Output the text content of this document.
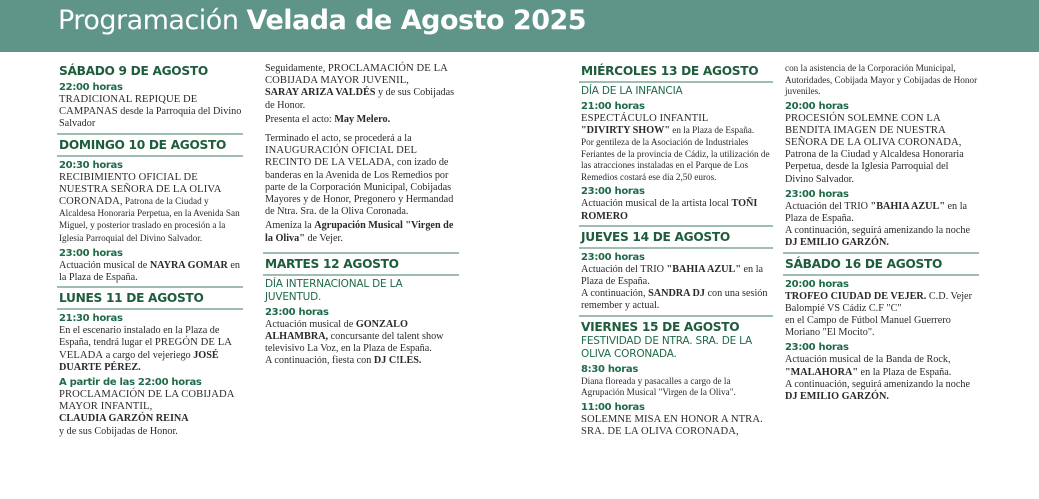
Programación Velada de Agosto 2025
SÁBADO 9 DE AGOSTO
22:00 horas
TRADICIONAL REPIQUE DE CAMPANAS desde la Parroquia del Divino Salvador
DOMINGO 10 DE AGOSTO
20:30 horas
RECIBIMIENTO OFICIAL DE NUESTRA SEÑORA DE LA OLIVA CORONADA, Patrona de la Ciudad y Alcaldesa Honoraria Perpetua, en la Avenida San Miguel, y posterior traslado en procesión a la Iglesia Parroquial del Divino Salvador.
23:00 horas
Actuación musical de NAYRA GOMAR en la Plaza de España.
LUNES 11 DE AGOSTO
21:30 horas
En el escenario instalado en la Plaza de España, tendrá lugar el PREGÓN DE LA VELADA a cargo del vejeriego JOSÉ DUARTE PÉREZ.
A partir de las 22:00 horas
PROCLAMACIÓN DE LA COBIJADA MAYOR INFANTIL,
CLAUDIA GARZÓN REINA
y de sus Cobijadas de Honor.
Seguidamente, PROCLAMACIÓN DE LA COBIJADA MAYOR JUVENIL,
SARAY ARIZA VALDÉS y de sus Cobijadas de Honor.
Presenta el acto: May Melero.
Terminado el acto, se procederá a la INAUGURACIÓN OFICIAL DEL RECINTO DE LA VELADA, con izado de banderas en la Avenida de Los Remedios por parte de la Corporación Municipal, Cobijadas Mayores y de Honor, Pregonero y Hermandad de Ntra. Sra. de la Oliva Coronada.
Ameniza la Agrupación Musical "Virgen de la Oliva" de Vejer.
MARTES 12 AGOSTO
DÍA INTERNACIONAL DE LA JUVENTUD.
23:00 horas
Actuación musical de GONZALO ALHAMBRA, concursante del talent show televisivo La Voz, en la Plaza de España.
A continuación, fiesta con DJ C!LES.
MIÉRCOLES 13 DE AGOSTO
DÍA DE LA INFANCIA
21:00 horas
ESPECTÁCULO INFANTIL
"DIVIRTY SHOW" en la Plaza de España.
Por gentileza de la Asociación de Industriales Feriantes de la provincia de Cádiz, la utilización de las atracciones instaladas en el Parque de Los Remedios costará ese día 2,50 euros.
23:00 horas
Actuación musical de la artista local TOÑI ROMERO
JUEVES 14 DE AGOSTO
23:00 horas
Actuación del TRIO "BAHIA AZUL" en la Plaza de España.
A continuación, SANDRA DJ con una sesión remember y actual.
VIERNES 15 DE AGOSTO
FESTIVIDAD DE NTRA. SRA. DE LA OLIVA CORONADA.
8:30 horas
Diana floreada y pasacalles a cargo de la Agrupación Musical "Virgen de la Oliva".
11:00 horas
SOLEMNE MISA EN HONOR A NTRA. SRA. DE LA OLIVA CORONADA,
con la asistencia de la Corporación Municipal, Autoridades, Cobijada Mayor y Cobijadas de Honor juveniles.
20:00 horas
PROCESIÓN SOLEMNE CON LA BENDITA IMAGEN DE NUESTRA SEÑORA DE LA OLIVA CORONADA, Patrona de la Ciudad y Alcaldesa Honoraria Perpetua, desde la Iglesia Parroquial del Divino Salvador.
23:00 horas
Actuación del TRIO "BAHIA AZUL" en la Plaza de España.
A continuación, seguirá amenizando la noche DJ EMILIO GARZÓN.
SÁBADO 16 DE AGOSTO
20:00 horas
TROFEO CIUDAD DE VEJER. C.D. Vejer Balompié VS Cádiz C.F "C"
en el Campo de Fútbol Manuel Guerrero Moriano "El Mocito".
23:00 horas
Actuación musical de la Banda de Rock, "MALAHORA" en la Plaza de España.
A continuación, seguirá amenizando la noche DJ EMILIO GARZÓN.
